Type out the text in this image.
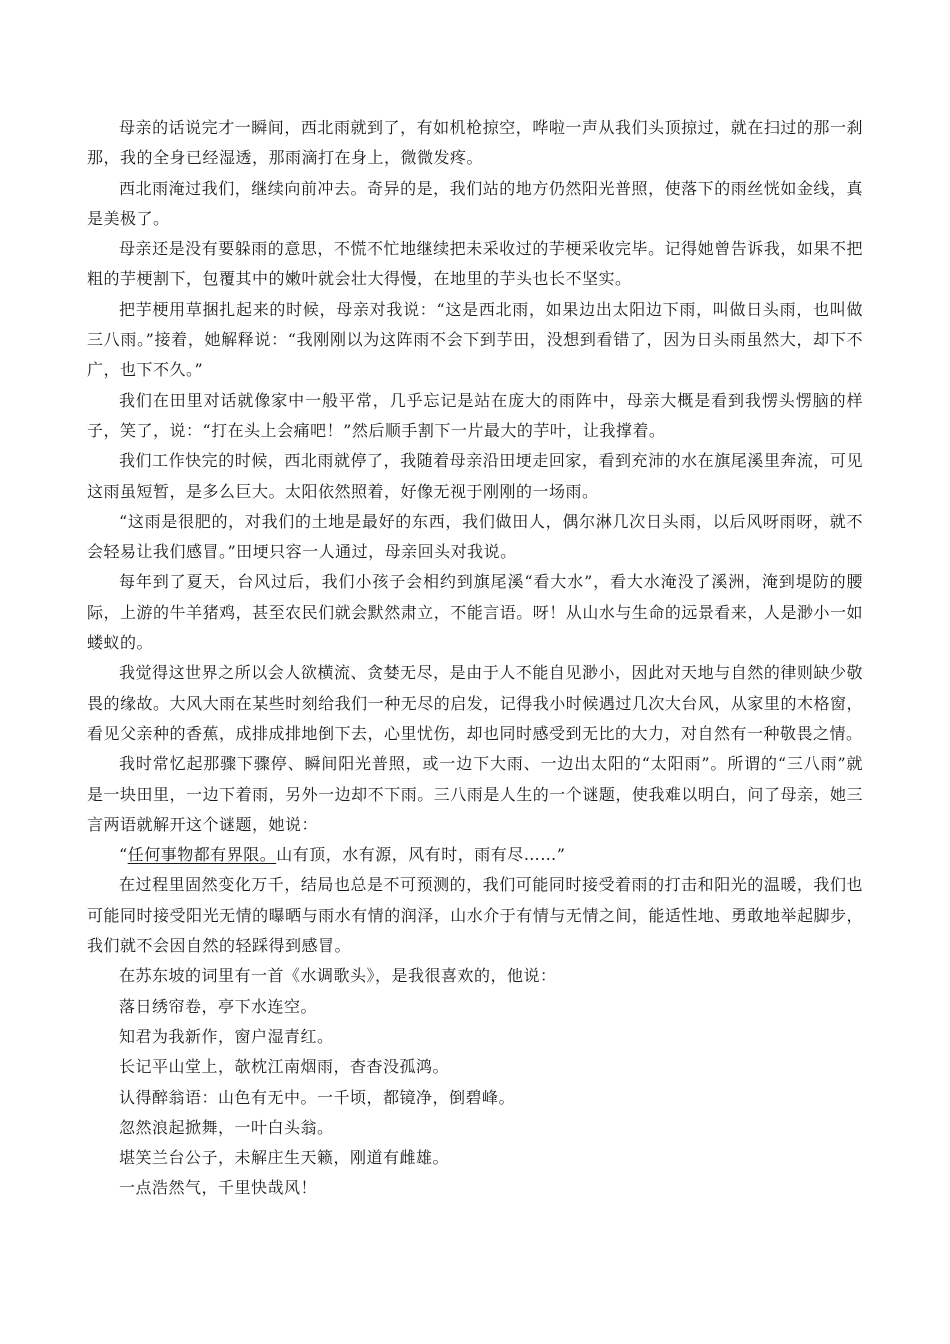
母亲的话说完才一瞬间，西北雨就到了，有如机枪掠空，哗啦一声从我们头顶掠过，就在扫过的那一刹那，我的全身已经湿透，那雨滴打在身上，微微发疼。

西北雨淹过我们，继续向前冲去。奇异的是，我们站的地方仍然阳光普照，使落下的雨丝恍如金线，真是美极了。

母亲还是没有要躲雨的意思，不慌不忙地继续把未采收过的芋梗采收完毕。记得她曾告诉我，如果不把粗的芋梗割下，包覆其中的嫩叶就会壮大得慢，在地里的芋头也长不坚实。

把芋梗用草捆扎起来的时候，母亲对我说：“这是西北雨，如果边出太阳边下雨，叫做日头雨，也叫做三八雨。”接着，她解释说：“我刚刚以为这阵雨不会下到芋田，没想到看错了，因为日头雨虽然大，却下不广，也下不久。”

我们在田里对话就像家中一般平常，几乎忘记是站在庞大的雨阵中，母亲大概是看到我愣头愣脑的样子，笑了，说：“打在头上会痛吧！”然后顺手割下一片最大的芋叶，让我撑着。

我们工作快完的时候，西北雨就停了，我随着母亲沿田埂走回家，看到充沛的水在旗尾溪里奔流，可见这雨虽短暂，是多么巨大。太阳依然照着，好像无视于刚刚的一场雨。

“这雨是很肥的，对我们的土地是最好的东西，我们做田人，偶尔淋几次日头雨，以后风呀雨呀，就不会轻易让我们感冒。”田埂只容一人通过，母亲回头对我说。

每年到了夏天，台风过后，我们小孩子会相约到旗尾溪“看大水”，看大水淹没了溪洲，淹到堤防的腰际，上游的牛羊猪鸡，甚至农民们就会默然肃立，不能言语。呀！从山水与生命的远景看来，人是渺小一如蝼蚁的。

我觉得这世界之所以会人欲横流、贪婪无尽，是由于人不能自见渺小，因此对天地与自然的律则缺少敬畏的缘故。大风大雨在某些时刻给我们一种无尽的启发，记得我小时候遇过几次大台风，从家里的木格窗，看见父亲种的香蕉，成排成排地倒下去，心里忧伤，却也同时感受到无比的大力，对自然有一种敬畏之情。

我时常忆起那骤下骤停、瞬间阳光普照，或一边下大雨、一边出太阳的“太阳雨”。所谓的“三八雨”就是一块田里，一边下着雨，另外一边却不下雨。三八雨是人生的一个谜题，使我难以明白，问了母亲，她三言两语就解开这个谜题，她说：

“任何事物都有界限。山有顶，水有源，风有时，雨有尽……”

在过程里固然变化万千，结局也总是不可预测的，我们可能同时接受着雨的打击和阳光的温暖，我们也可能同时接受阳光无情的曝晒与雨水有情的润泽，山水介于有情与无情之间，能适性地、勇敢地举起脚步，我们就不会因自然的轻踩得到感冒。

在苏东坡的词里有一首《水调歌头》，是我很喜欢的，他说：

落日绣帘卷，亭下水连空。

知君为我新作，窗户湿青红。

长记平山堂上，欹枕江南烟雨，杳杳没孤鸿。

认得醉翁语：山色有无中。一千顷，都镜净，倒碧峰。

忽然浪起掀舞，一叶白头翁。

堪笑兰台公子，未解庄生天籁，刚道有雌雄。

一点浩然气，千里快哉风！
